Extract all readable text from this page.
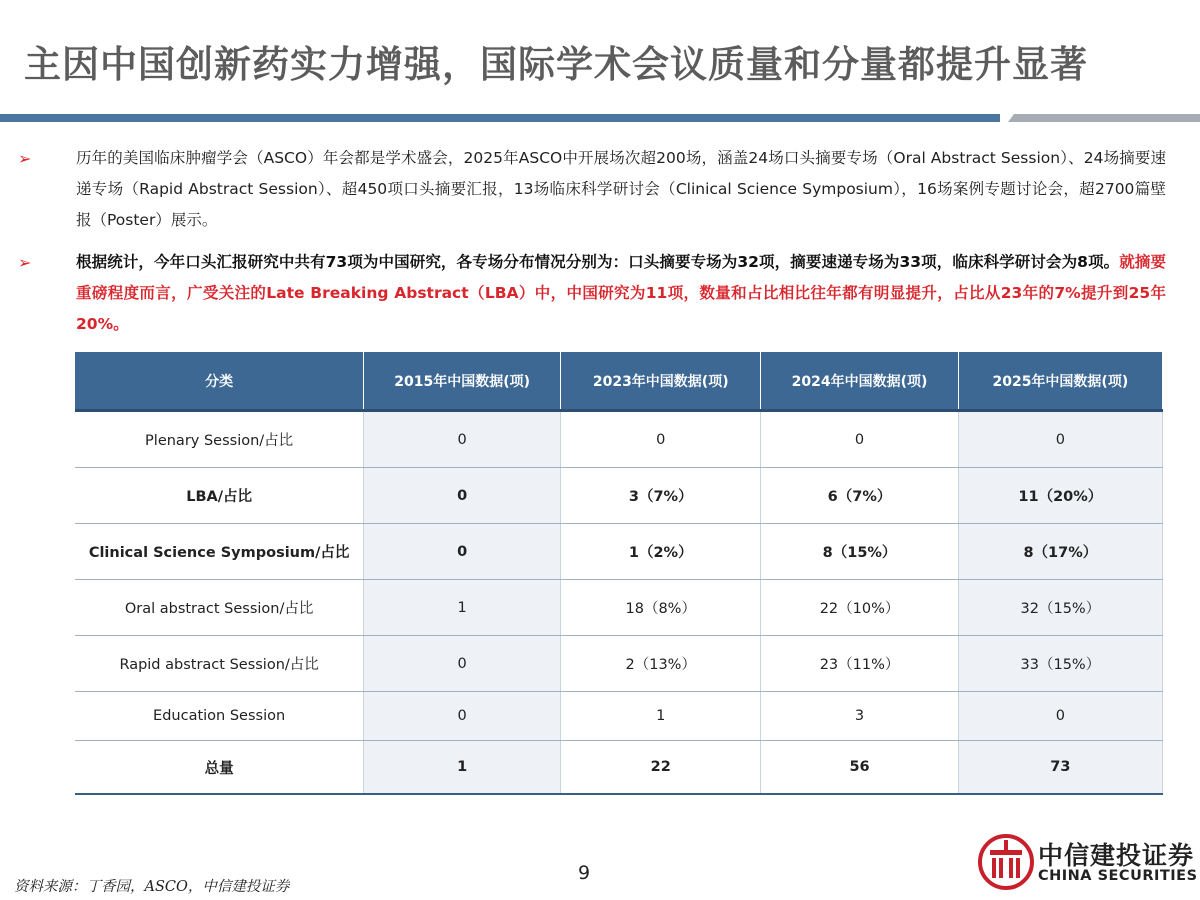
主因中国创新药实力增强，国际学术会议质量和分量都提升显著
➢	历年的美国临床肿瘤学会（ASCO）年会都是学术盛会，2025年ASCO中开展场次超200场，涵盖24场口头摘要专场（Oral Abstract Session）、24场摘要速递专场（Rapid Abstract Session）、超450项口头摘要汇报，13场临床科学研讨会（Clinical Science Symposium），16场案例专题讨论会，超2700篇壁报（Poster）展示。
➢	根据统计，今年口头汇报研究中共有73项为中国研究，各专场分布情况分别为：口头摘要专场为32项，摘要速递专场为33项，临床科学研讨会为8项。就摘要重磅程度而言，广受关注的Late Breaking Abstract（LBA）中，中国研究为11项，数量和占比相比往年都有明显提升，占比从23年的7%提升到25年20%。
分类	2015年中国数据(项)	2023年中国数据(项)	2024年中国数据(项)	2025年中国数据(项)
Plenary Session/占比	0	0	0	0
LBA/占比	0	3（7%）	6（7%）	11（20%）
Clinical Science Symposium/占比	0	1（2%）	8（15%）	8（17%）
Oral abstract Session/占比	1	18（8%）	22（10%）	32（15%）
Rapid abstract Session/占比	0	2（13%）	23（11%）	33（15%）
Education Session	0	1	3	0
总量	1	22	56	73
9
资料来源：丁香园，ASCO，中信建投证券
中信建投证券
CHINA SECURITIES
